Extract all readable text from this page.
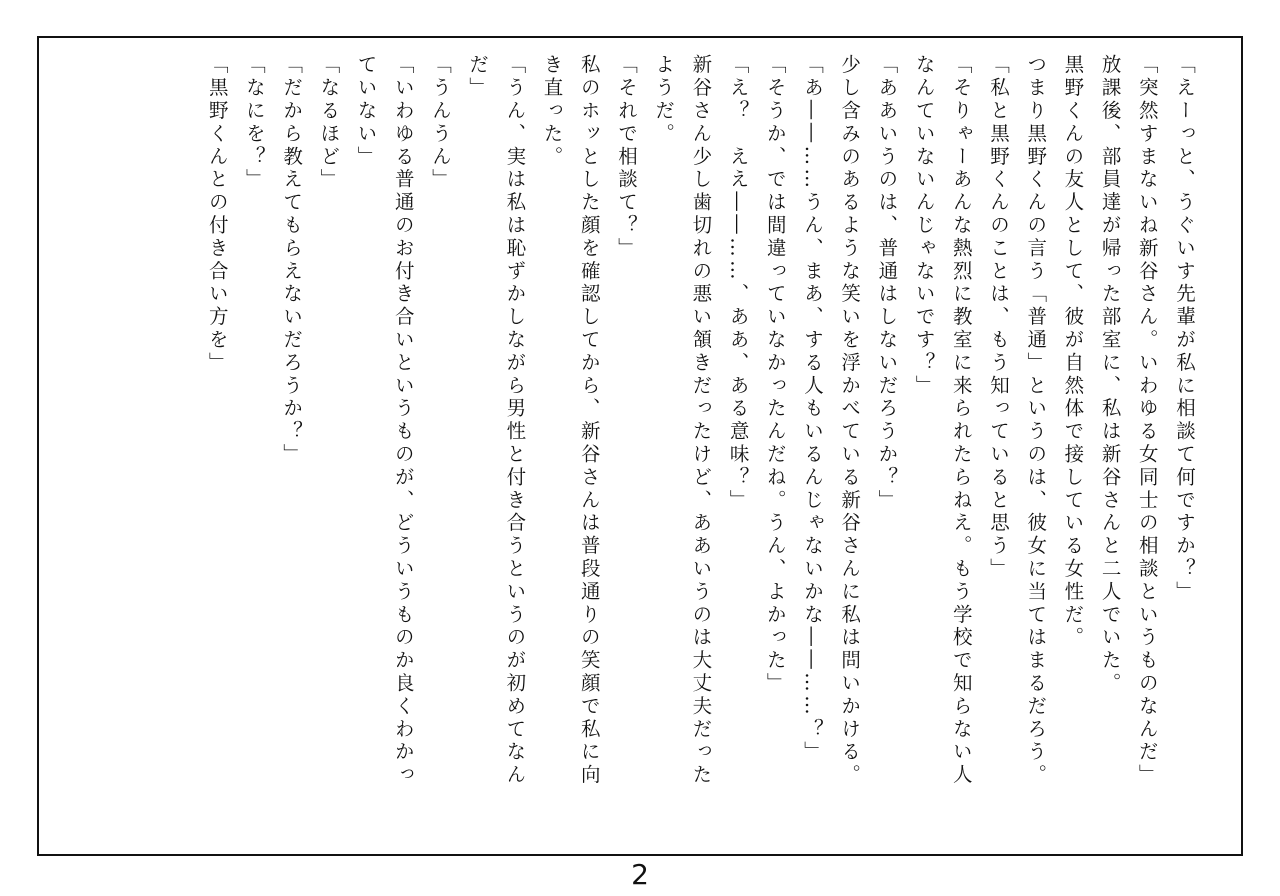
「えーっと、うぐいす先輩が私に相談て何ですか？」

「突然すまないね新谷さん。いわゆる女同士の相談というものなんだ」

放課後、部員達が帰った部室に、私は新谷さんと二人でいた。

黒野くんの友人として、彼が自然体で接している女性だ。

つまり黒野くんの言う「普通」というのは、彼女に当てはまるだろう。

「私と黒野くんのことは、もう知っていると思う」

「そりゃーあんな熱烈に教室に来られたらねえ。もう学校で知らない人

なんていないんじゃないです？」

「ああいうのは、普通はしないだろうか？」

少し含みのあるような笑いを浮かべている新谷さんに私は問いかける。

「あ――……うん、まあ、する人もいるんじゃないかな――……？」

「そうか、では間違っていなかったんだね。うん、よかった」

「え？　ええ――……、ああ、ある意味？」

新谷さん少し歯切れの悪い頷きだったけど、ああいうのは大丈夫だった

ようだ。

「それで相談て？」

私のホッとした顔を確認してから、新谷さんは普段通りの笑顔で私に向

き直った。

「うん、実は私は恥ずかしながら男性と付き合うというのが初めてなん

だ」

「うんうん」

「いわゆる普通のお付き合いというものが、どういうものか良くわかっ

ていない」

「なるほど」

「だから教えてもらえないだろうか？」

「なにを？」

「黒野くんとの付き合い方を」

2
